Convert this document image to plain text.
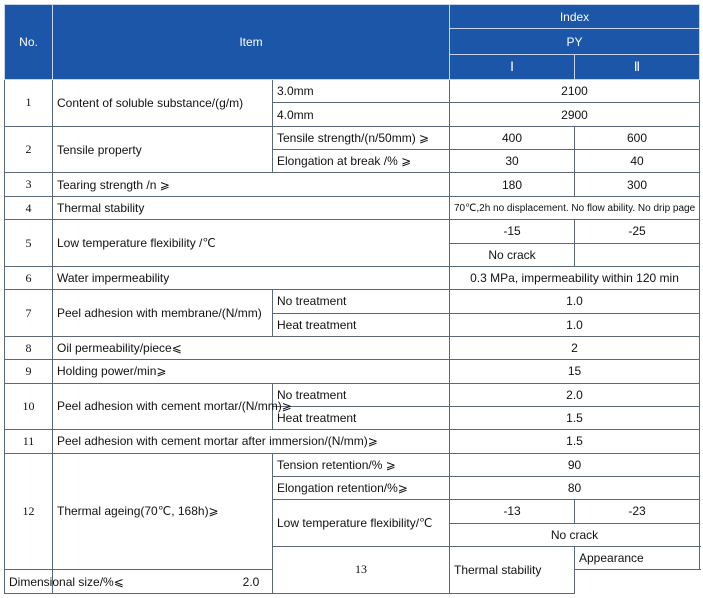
No.	Item		Index		
			PY		
			Ⅰ	Ⅱ	
1	Content of soluble substance/(g/m)	3.0mm	2100		
		4.0mm	2900		
2	Tensile property	Tensile strength/(n/50mm) ⩾	400	600	
		Elongation at break /% ⩾	30	40	
3	Tearing strength /n ⩾		180	300	
4	Thermal stability		70℃,2h no displacement. No flow ability. No drip page		
5	Low temperature flexibility /℃		-15	-25	
			No crack		
6	Water impermeability		0.3 MPa, impermeability within 120 min		
7	Peel adhesion with membrane/(N/mm)	No treatment	1.0		
		Heat treatment	1.0		
8	Oil permeability/piece⩽		2		
9	Holding power/min⩾		15		
10	Peel adhesion with cement mortar/(N/mm)⩾	No treatment	2.0		
		Heat treatment	1.5		
11	Peel adhesion with cement mortar after immersion/(N/mm)⩾		1.5		
12	Thermal ageing(70℃, 168h)⩾	Tension retention/% ⩾	90		
		Elongation retention/%⩾	80		
		Low temperature flexibility/℃	-13	-23	
			No crack		
		13	Thermal stability	Appearance	
Dimensional size/%⩽	2.0				
